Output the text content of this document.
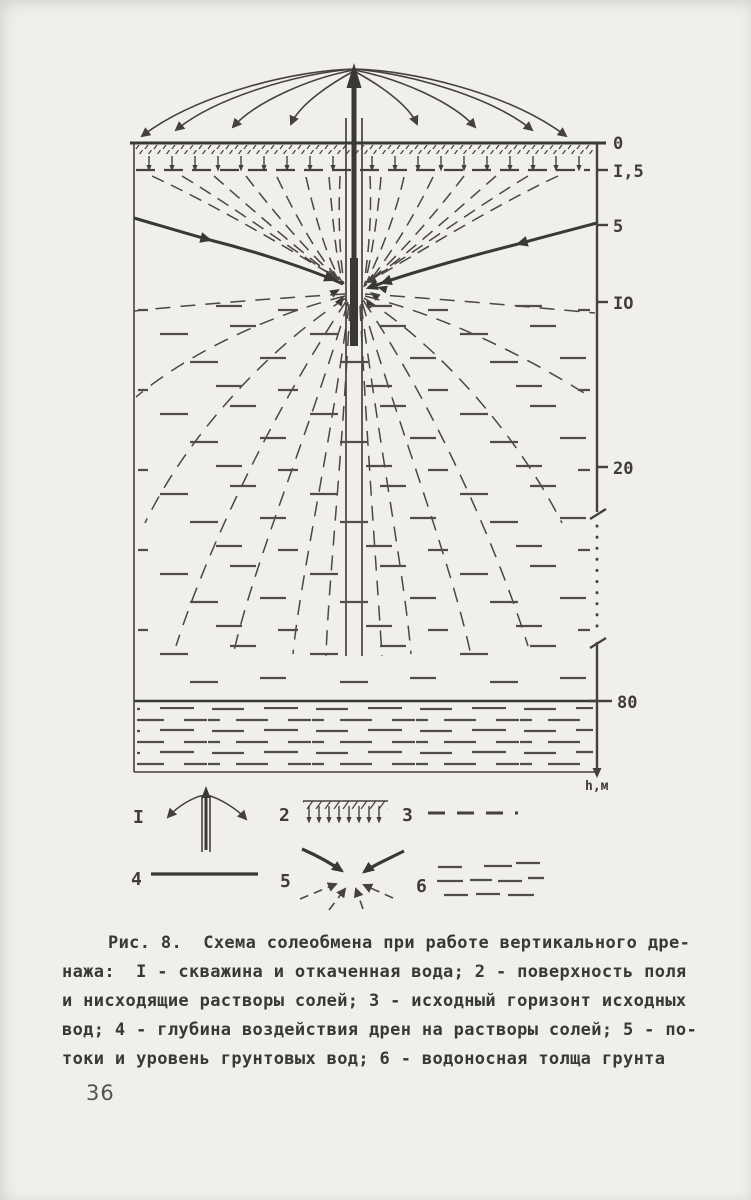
0
I,5
5
IO
20
80
h,м
I	2	3
4	5	6
Рис. 8.  Схема солеобмена при работе вертикального дре-
нажа:  I - скважина и откаченная вода; 2 - поверхность поля
и нисходящие растворы солей; 3 - исходный горизонт исходных
вод; 4 - глубина воздействия дрен на растворы солей; 5 - по-
токи и уровень грунтовых вод; 6 - водоносная толща грунта
36
